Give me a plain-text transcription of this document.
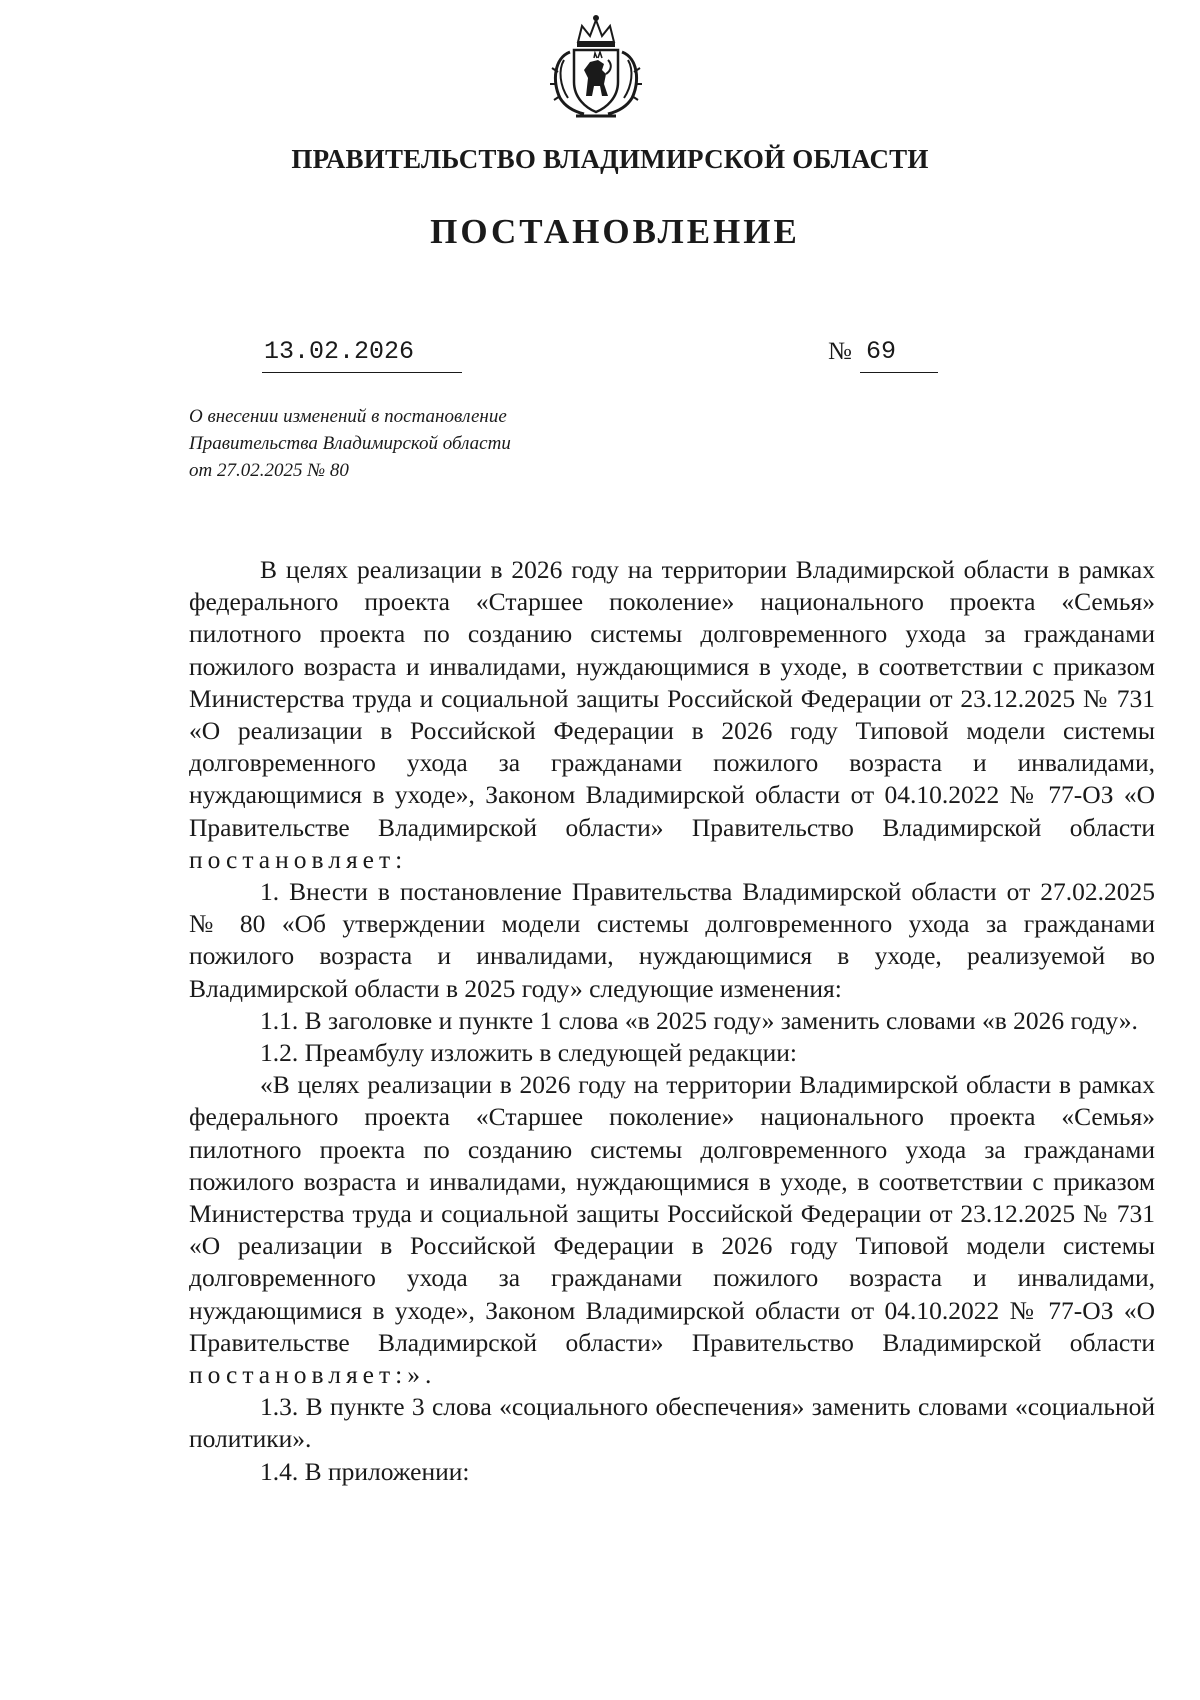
ПРАВИТЕЛЬСТВО ВЛАДИМИРСКОЙ ОБЛАСТИ
ПОСТАНОВЛЕНИЕ
13.02.2026	№ 69
О внесении изменений в постановление
Правительства Владимирской области
от 27.02.2025 № 80
В целях реализации в 2026 году на территории Владимирской области в рамках федерального проекта «Старшее поколение» национального проекта «Семья» пилотного проекта по созданию системы долговременного ухода за гражданами пожилого возраста и инвалидами, нуждающимися в уходе, в соответствии с приказом Министерства труда и социальной защиты Российской Федерации от 23.12.2025 № 731 «О реализации в Российской Федерации в 2026 году Типовой модели системы долговременного ухода за гражданами пожилого возраста и инвалидами, нуждающимися в уходе», Законом Владимирской области от 04.10.2022 № 77-ОЗ «О Правительстве Владимирской области» Правительство Владимирской области
постановляет:
1. Внести в постановление Правительства Владимирской области от 27.02.2025 № 80 «Об утверждении модели системы долговременного ухода за гражданами пожилого возраста и инвалидами, нуждающимися в уходе, реализуемой во Владимирской области в 2025 году» следующие изменения:
1.1. В заголовке и пункте 1 слова «в 2025 году» заменить словами «в 2026 году».
1.2. Преамбулу изложить в следующей редакции:
«В целях реализации в 2026 году на территории Владимирской области в рамках федерального проекта «Старшее поколение» национального проекта «Семья» пилотного проекта по созданию системы долговременного ухода за гражданами пожилого возраста и инвалидами, нуждающимися в уходе, в соответствии с приказом Министерства труда и социальной защиты Российской Федерации от 23.12.2025 № 731 «О реализации в Российской Федерации в 2026 году Типовой модели системы долговременного ухода за гражданами пожилого возраста и инвалидами, нуждающимися в уходе», Законом Владимирской области от 04.10.2022 № 77-ОЗ «О Правительстве Владимирской области» Правительство Владимирской области
постановляет:».
1.3. В пункте 3 слова «социального обеспечения» заменить словами «социальной политики».
1.4. В приложении:
